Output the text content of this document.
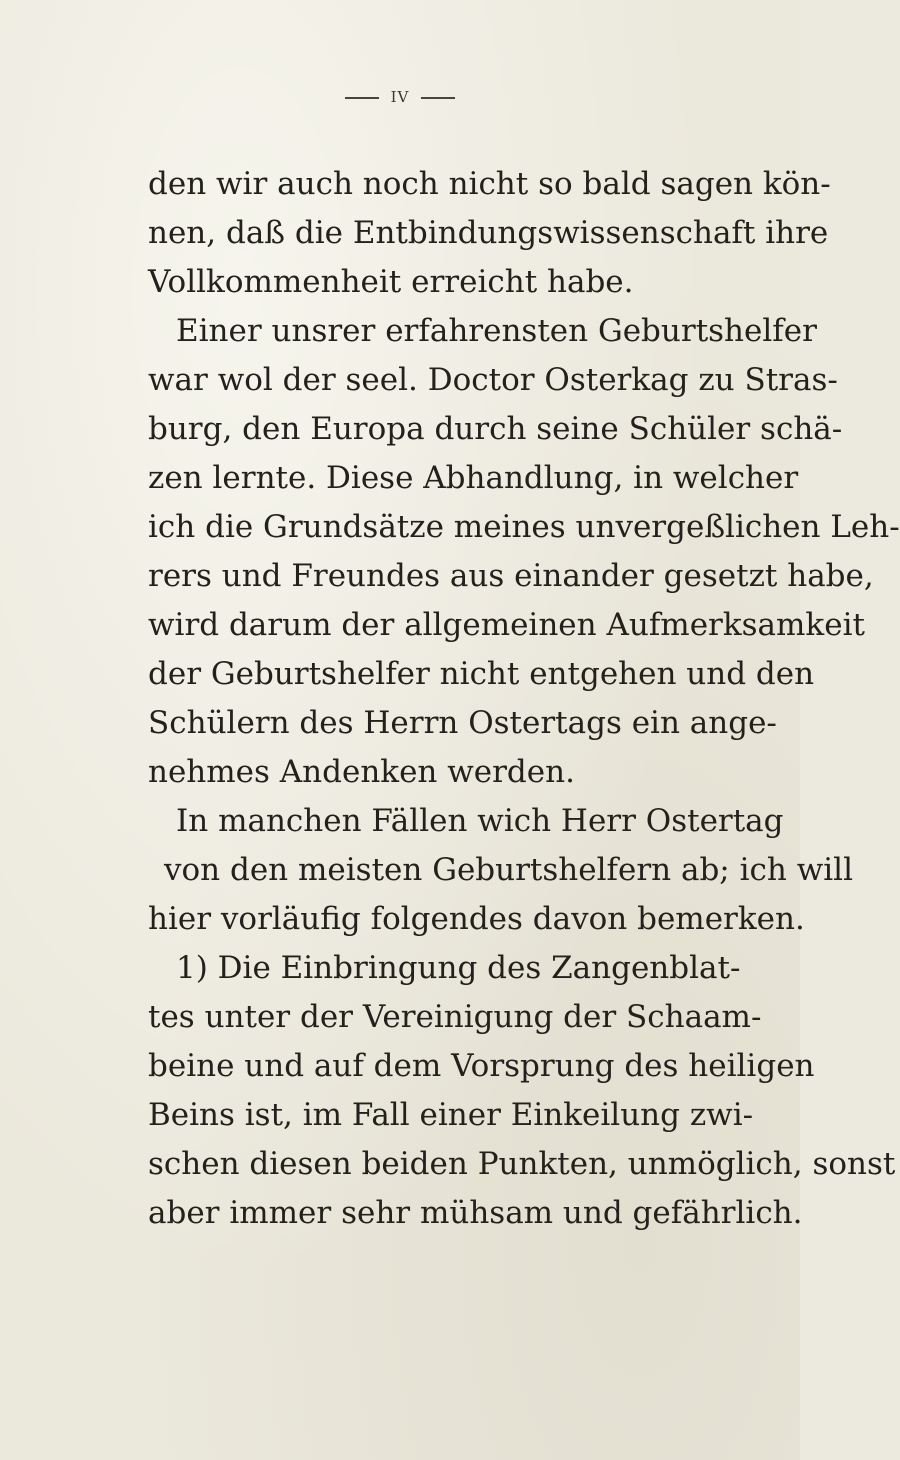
IV
den wir auch noch nicht so bald sagen kön-
nen, daß die Entbindungswissenschaft ihre
Vollkommenheit erreicht habe.
Einer unsrer erfahrensten Geburtshelfer
war wol der seel. Doctor Osterkag zu Stras-
burg, den Europa durch seine Schüler schä-
zen lernte. Diese Abhandlung, in welcher
ich die Grundsätze meines unvergeßlichen Leh-
rers und Freundes aus einander gesetzt habe,
wird darum der allgemeinen Aufmerksamkeit
der Geburtshelfer nicht entgehen und den
Schülern des Herrn Ostertags ein ange-
nehmes Andenken werden.
In manchen Fällen wich Herr Ostertag
von den meisten Geburtshelfern ab; ich will
hier vorläufig folgendes davon bemerken.
1) Die Einbringung des Zangenblat-
tes unter der Vereinigung der Schaam-
beine und auf dem Vorsprung des heiligen
Beins ist, im Fall einer Einkeilung zwi-
schen diesen beiden Punkten, unmöglich, sonst
aber immer sehr mühsam und gefährlich.
